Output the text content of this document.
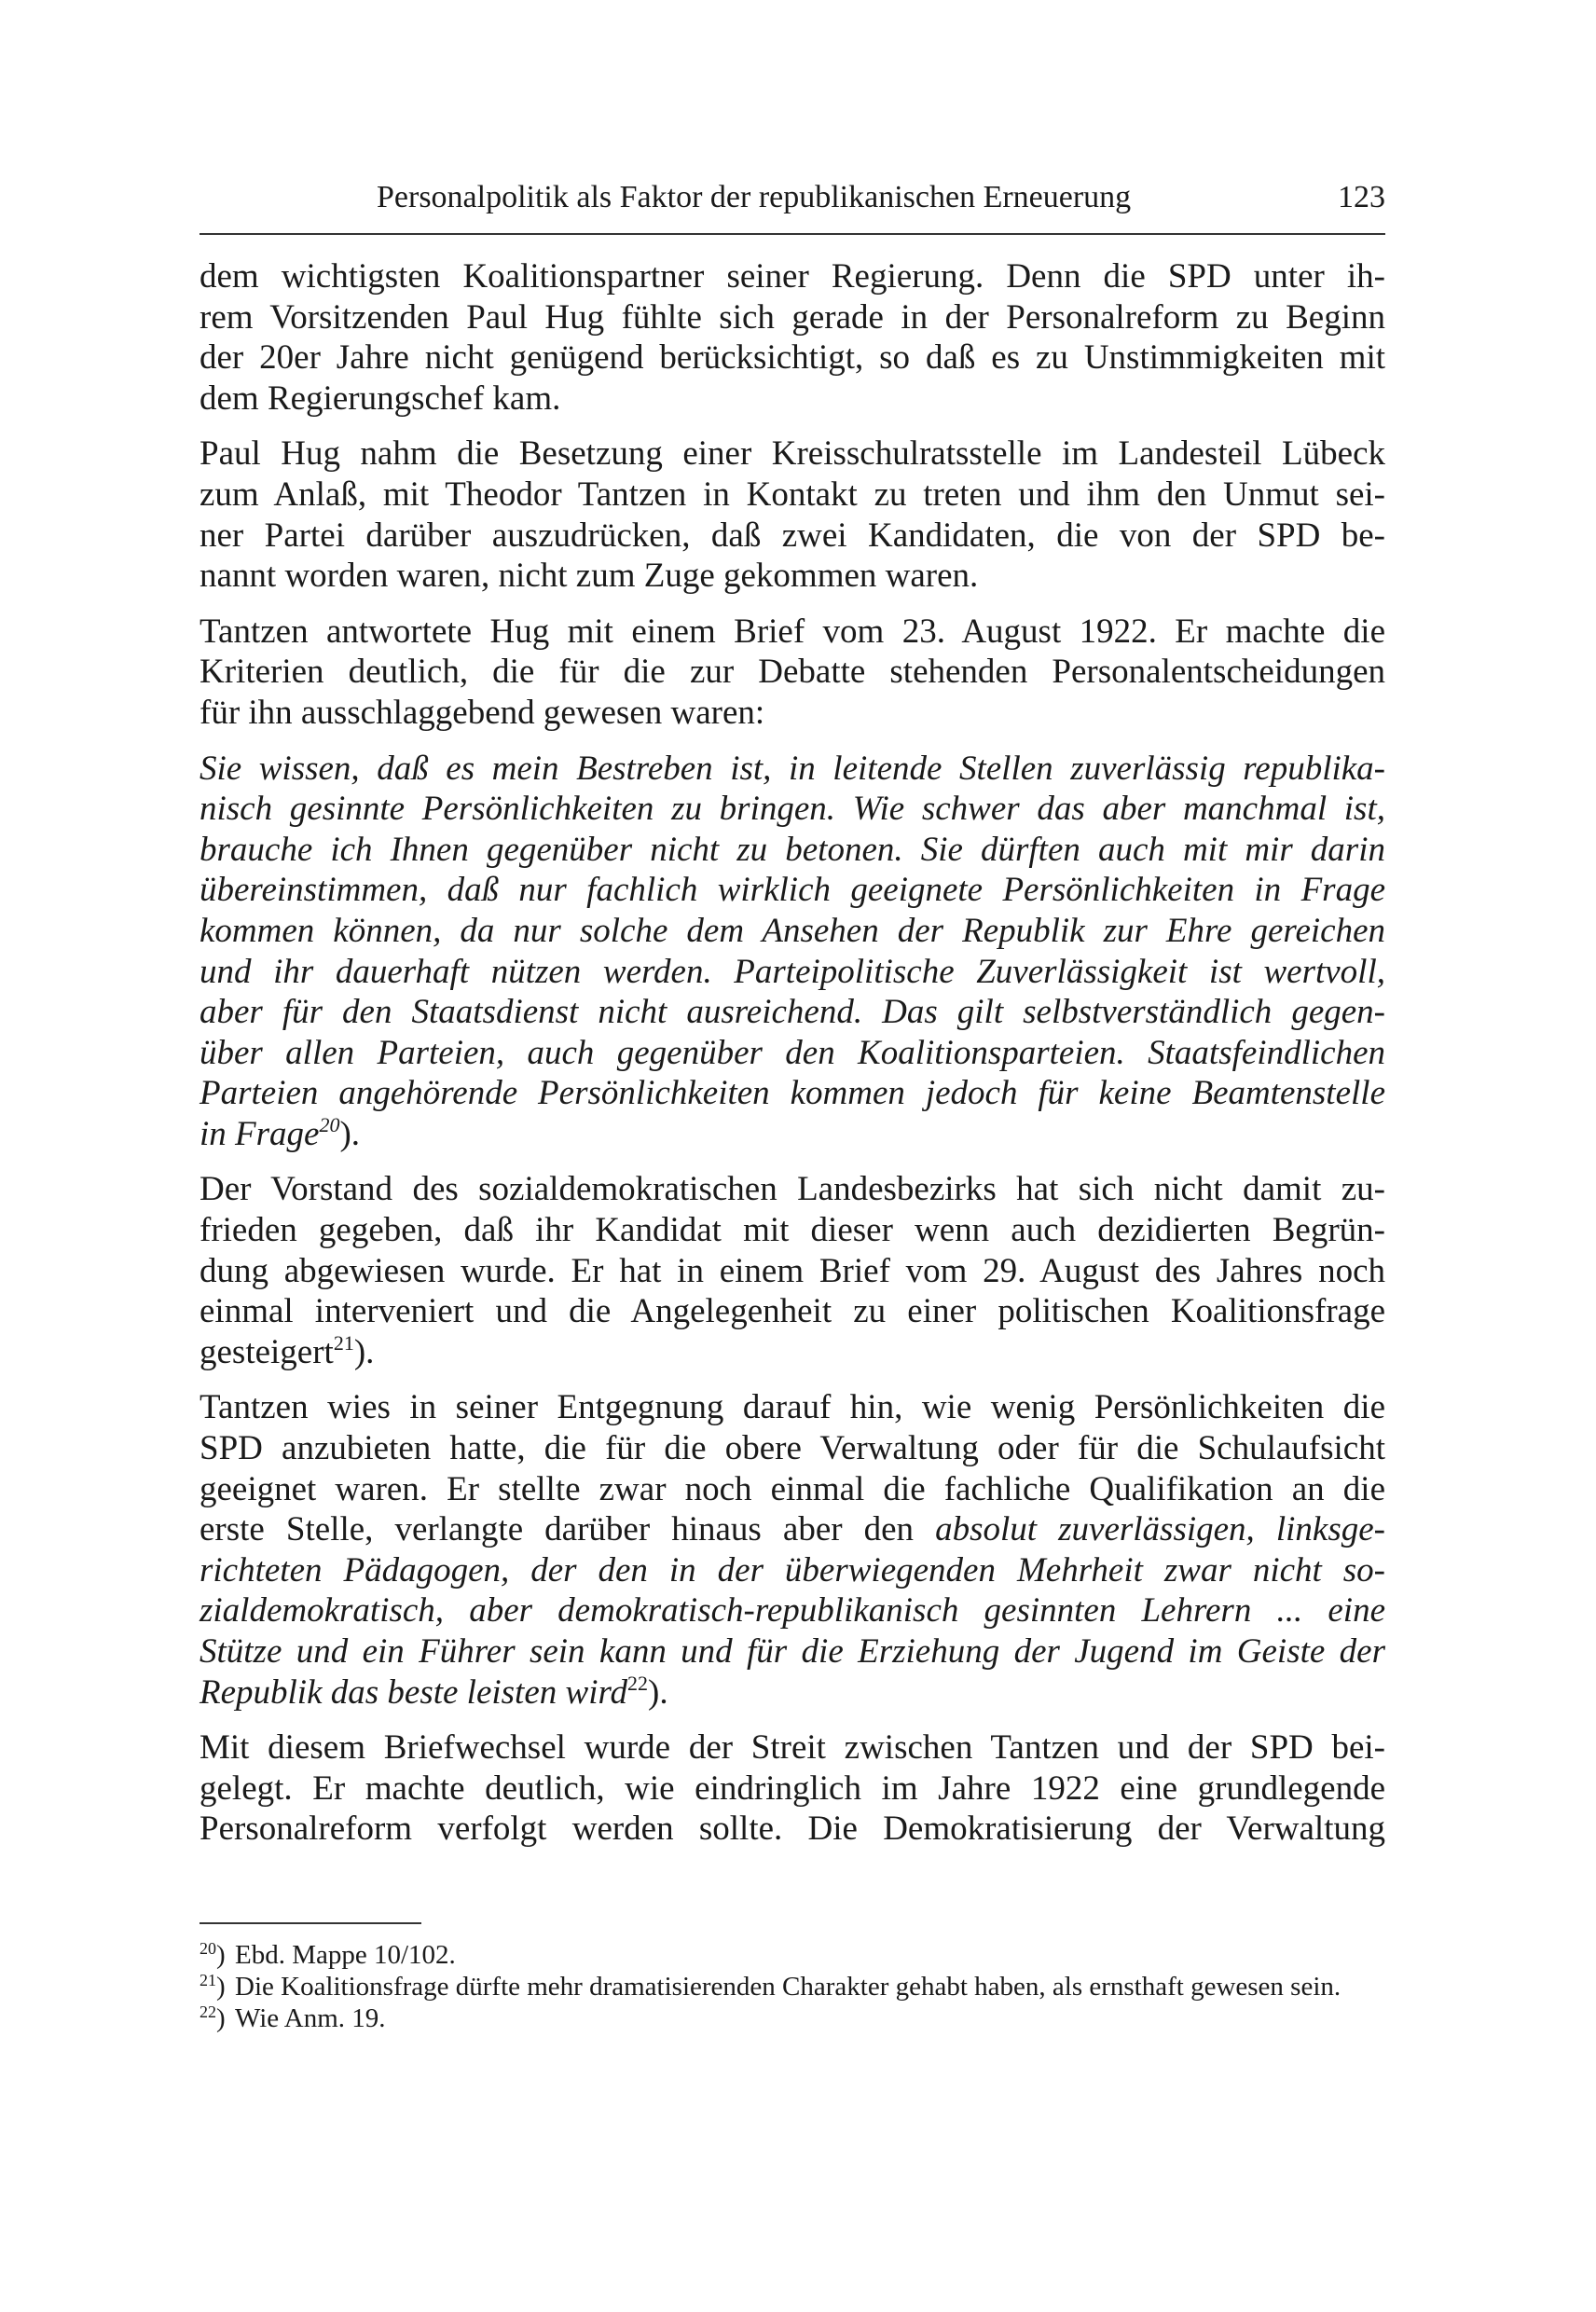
Personalpolitik als Faktor der republikanischen Erneuerung	123

dem wichtigsten Koalitionspartner seiner Regierung. Denn die SPD unter ih-
rem Vorsitzenden Paul Hug fühlte sich gerade in der Personalreform zu Beginn
der 20er Jahre nicht genügend berücksichtigt, so daß es zu Unstimmigkeiten mit
dem Regierungschef kam.

Paul Hug nahm die Besetzung einer Kreisschulratsstelle im Landesteil Lübeck
zum Anlaß, mit Theodor Tantzen in Kontakt zu treten und ihm den Unmut sei-
ner Partei darüber auszudrücken, daß zwei Kandidaten, die von der SPD be-
nannt worden waren, nicht zum Zuge gekommen waren.

Tantzen antwortete Hug mit einem Brief vom 23. August 1922. Er machte die
Kriterien deutlich, die für die zur Debatte stehenden Personalentscheidungen
für ihn ausschlaggebend gewesen waren:

Sie wissen, daß es mein Bestreben ist, in leitende Stellen zuverlässig republika-
nisch gesinnte Persönlichkeiten zu bringen. Wie schwer das aber manchmal ist,
brauche ich Ihnen gegenüber nicht zu betonen. Sie dürften auch mit mir darin
übereinstimmen, daß nur fachlich wirklich geeignete Persönlichkeiten in Frage
kommen können, da nur solche dem Ansehen der Republik zur Ehre gereichen
und ihr dauerhaft nützen werden. Parteipolitische Zuverlässigkeit ist wertvoll,
aber für den Staatsdienst nicht ausreichend. Das gilt selbstverständlich gegen-
über allen Parteien, auch gegenüber den Koalitionsparteien. Staatsfeindlichen
Parteien angehörende Persönlichkeiten kommen jedoch für keine Beamtenstelle
in Frage$^{20}$).

Der Vorstand des sozialdemokratischen Landesbezirks hat sich nicht damit zu-
frieden gegeben, daß ihr Kandidat mit dieser wenn auch dezidierten Begrün-
dung abgewiesen wurde. Er hat in einem Brief vom 29. August des Jahres noch
einmal interveniert und die Angelegenheit zu einer politischen Koalitionsfrage
gesteigert$^{21}$).

Tantzen wies in seiner Entgegnung darauf hin, wie wenig Persönlichkeiten die
SPD anzubieten hatte, die für die obere Verwaltung oder für die Schulaufsicht
geeignet waren. Er stellte zwar noch einmal die fachliche Qualifikation an die
erste Stelle, verlangte darüber hinaus aber den absolut zuverlässigen, linksge-
richteten Pädagogen, der den in der überwiegenden Mehrheit zwar nicht so-
zialdemokratisch, aber demokratisch-republikanisch gesinnten Lehrern ... eine
Stütze und ein Führer sein kann und für die Erziehung der Jugend im Geiste der
Republik das beste leisten wird$^{22}$).

Mit diesem Briefwechsel wurde der Streit zwischen Tantzen und der SPD bei-
gelegt. Er machte deutlich, wie eindringlich im Jahre 1922 eine grundlegende
Personalreform verfolgt werden sollte. Die Demokratisierung der Verwaltung

$^{20}$) Ebd. Mappe 10/102.

$^{21}$) Die Koalitionsfrage dürfte mehr dramatisierenden Charakter gehabt haben, als ernsthaft gewesen sein.

$^{22}$) Wie Anm. 19.
